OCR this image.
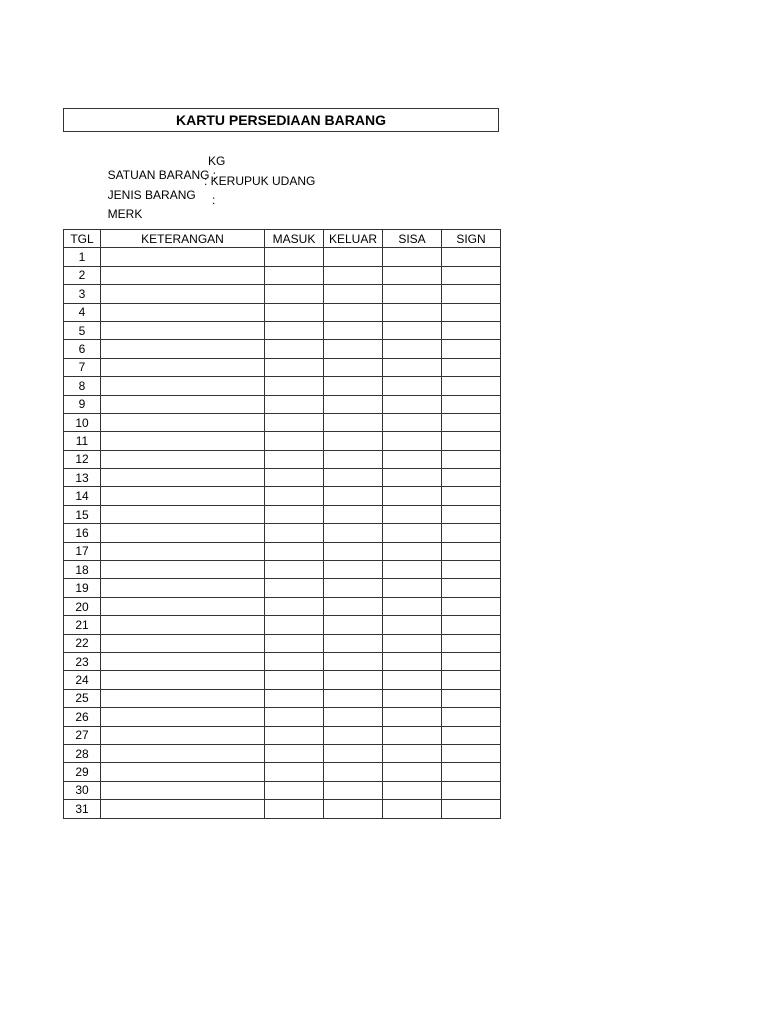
KARTU PERSEDIAAN BARANG

SATUAN BARANG :

KG

JENIS BARANG

: KERUPUK UDANG

MERK

:

TGL	KETERANGAN	MASUK	KELUAR	SISA	SIGN
1					
2					
3					
4					
5					
6					
7					
8					
9					
10					
11					
12					
13					
14					
15					
16					
17					
18					
19					
20					
21					
22					
23					
24					
25					
26					
27					
28					
29					
30					
31					
